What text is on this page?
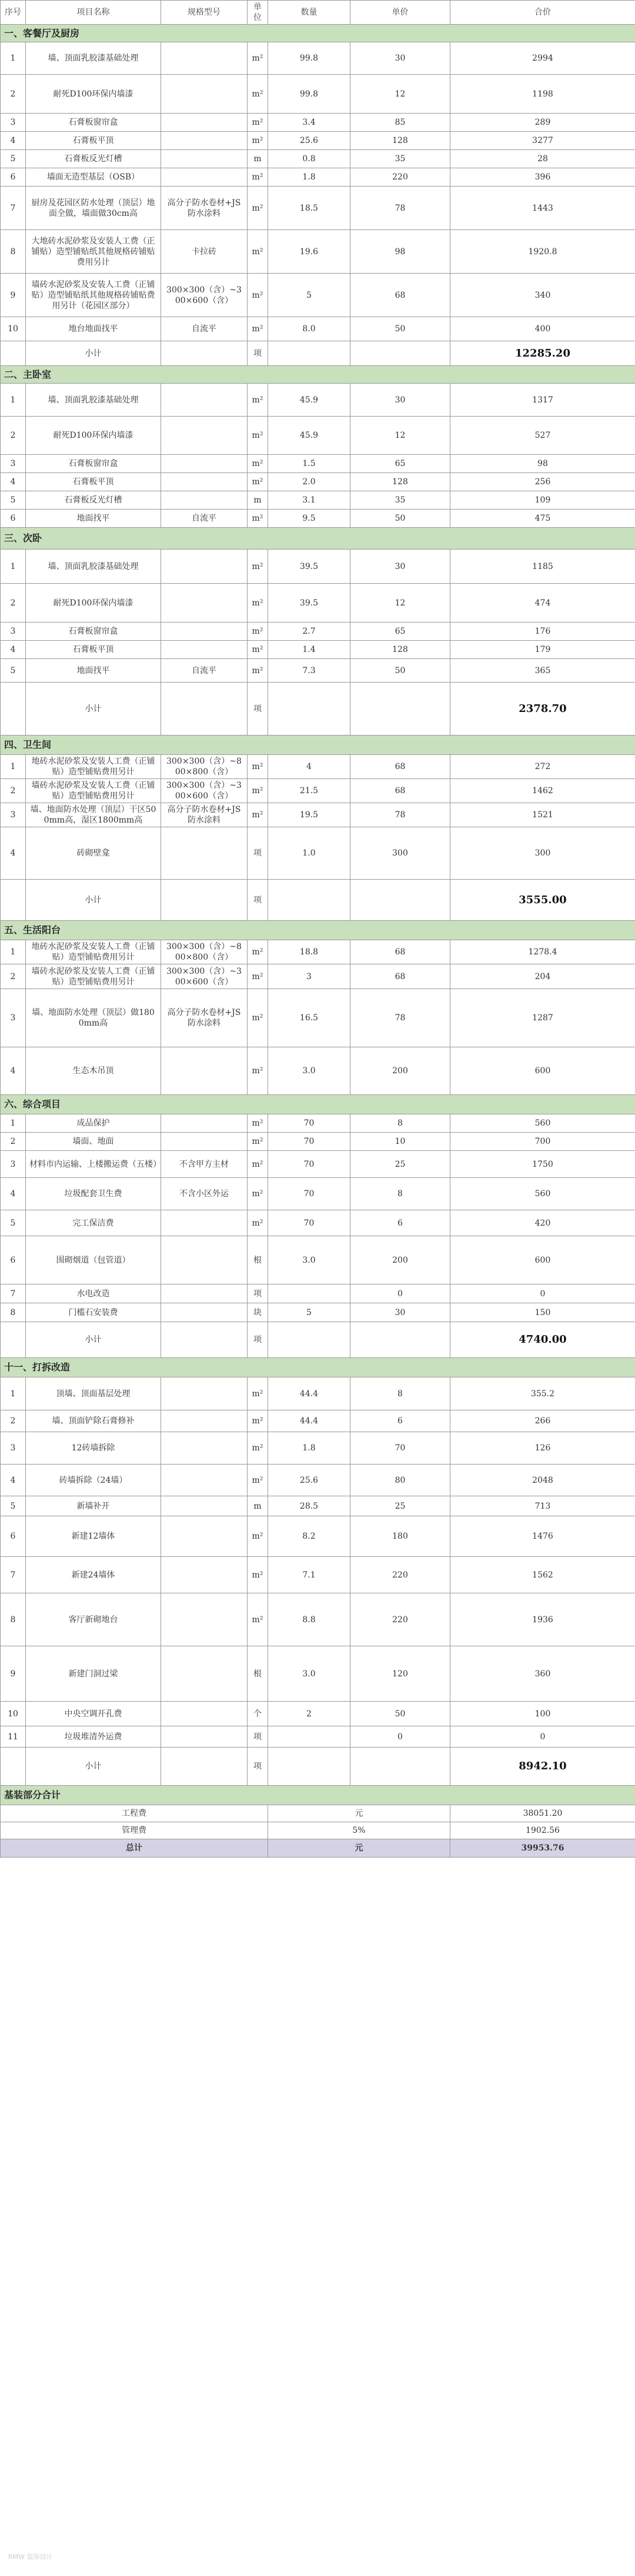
序号	项目名称	规格型号	单位	数量	单价	合价
一、客餐厅及厨房						
1	墙、顶面乳胶漆基础处理		m²	99.8	30	2994
2	耐死D100环保内墙漆		m²	99.8	12	1198
3	石膏板窗帘盒		m²	3.4	85	289
4	石膏板平顶		m²	25.6	128	3277
5	石膏板反光灯槽		m	0.8	35	28
6	墙面无造型基层（OSB）		m²	1.8	220	396
7	厨房及花园区防水处理（顶层）地面全做，墙面做30cm高	高分子防水卷材+JS防水涂料	m²	18.5	78	1443
8	大地砖水泥砂浆及安装人工费（正铺贴）造型铺贴纸其他规格砖铺贴费用另计	卡拉砖	m²	19.6	98	1920.8
9	墙砖水泥砂浆及安装人工费（正铺贴）造型铺贴纸其他规格砖铺贴费用另计（花园区部分）	300×300（含）~300×600（含）	m²	5	68	340
10	地台地面找平	自流平	m²	8.0	50	400
	小计		项			12285.20
二、主卧室						
1	墙、顶面乳胶漆基础处理		m²	45.9	30	1317
2	耐死D100环保内墙漆		m²	45.9	12	527
3	石膏板窗帘盒		m²	1.5	65	98
4	石膏板平顶		m²	2.0	128	256
5	石膏板反光灯槽		m	3.1	35	109
6	地面找平	自流平	m²	9.5	50	475
三、次卧						
1	墙、顶面乳胶漆基础处理		m²	39.5	30	1185
2	耐死D100环保内墙漆		m²	39.5	12	474
3	石膏板窗帘盒		m²	2.7	65	176
4	石膏板平顶		m²	1.4	128	179
5	地面找平	自流平	m²	7.3	50	365
	小计		项			2378.70
四、卫生间						
1	地砖水泥砂浆及安装人工费（正铺贴）造型铺贴费用另计	300×300（含）~800×800（含）	m²	4	68	272
2	墙砖水泥砂浆及安装人工费（正铺贴）造型铺贴费用另计	300×300（含）~300×600（含）	m²	21.5	68	1462
3	墙、地面防水处理（顶层）干区500mm高，湿区1800mm高	高分子防水卷材+JS防水涂料	m²	19.5	78	1521
4	砖砌壁龛		项	1.0	300	300
	小计		项			3555.00
五、生活阳台						
1	地砖水泥砂浆及安装人工费（正铺贴）造型铺贴费用另计	300×300（含）~800×800（含）	m²	18.8	68	1278.4
2	墙砖水泥砂浆及安装人工费（正铺贴）造型铺贴费用另计	300×300（含）~300×600（含）	m²	3	68	204
3	墙、地面防水处理（顶层）做1800mm高	高分子防水卷材+JS防水涂料	m²	16.5	78	1287
4	生态木吊顶		m²	3.0	200	600
六、综合项目						
1	成品保护		m²	70	8	560
2	墙面、地面		m²	70	10	700
3	材料市内运输、上楼搬运费（五楼）	不含甲方主材	m²	70	25	1750
4	垃圾配套卫生费	不含小区外运	m²	70	8	560
5	完工保洁费		m²	70	6	420
6	围砌烟道（包管道）		根	3.0	200	600
7	水电改造		项		0	0
8	门槛石安装费		块	5	30	150
	小计		项			4740.00
十一、打拆改造						
1	顶墙、顶面基层处理		m²	44.4	8	355.2
2	墙、顶面铲除石膏修补		m²	44.4	6	266
3	12砖墙拆除		m²	1.8	70	126
4	砖墙拆除（24墙）		m²	25.6	80	2048
5	新墙补开		m	28.5	25	713
6	新建12墙体		m²	8.2	180	1476
7	新建24墙体		m²	7.1	220	1562
8	客厅新砌地台		m²	8.8	220	1936
9	新建门洞过梁		根	3.0	120	360
10	中央空调开孔费		个	2	50	100
11	垃圾堆清外运费		项		0	0
	小计		项			8942.10
基装部分合计						
工程费				元		38051.20
管理费				5%		1902.56
总计				元		39953.76
RMW 装饰设计
